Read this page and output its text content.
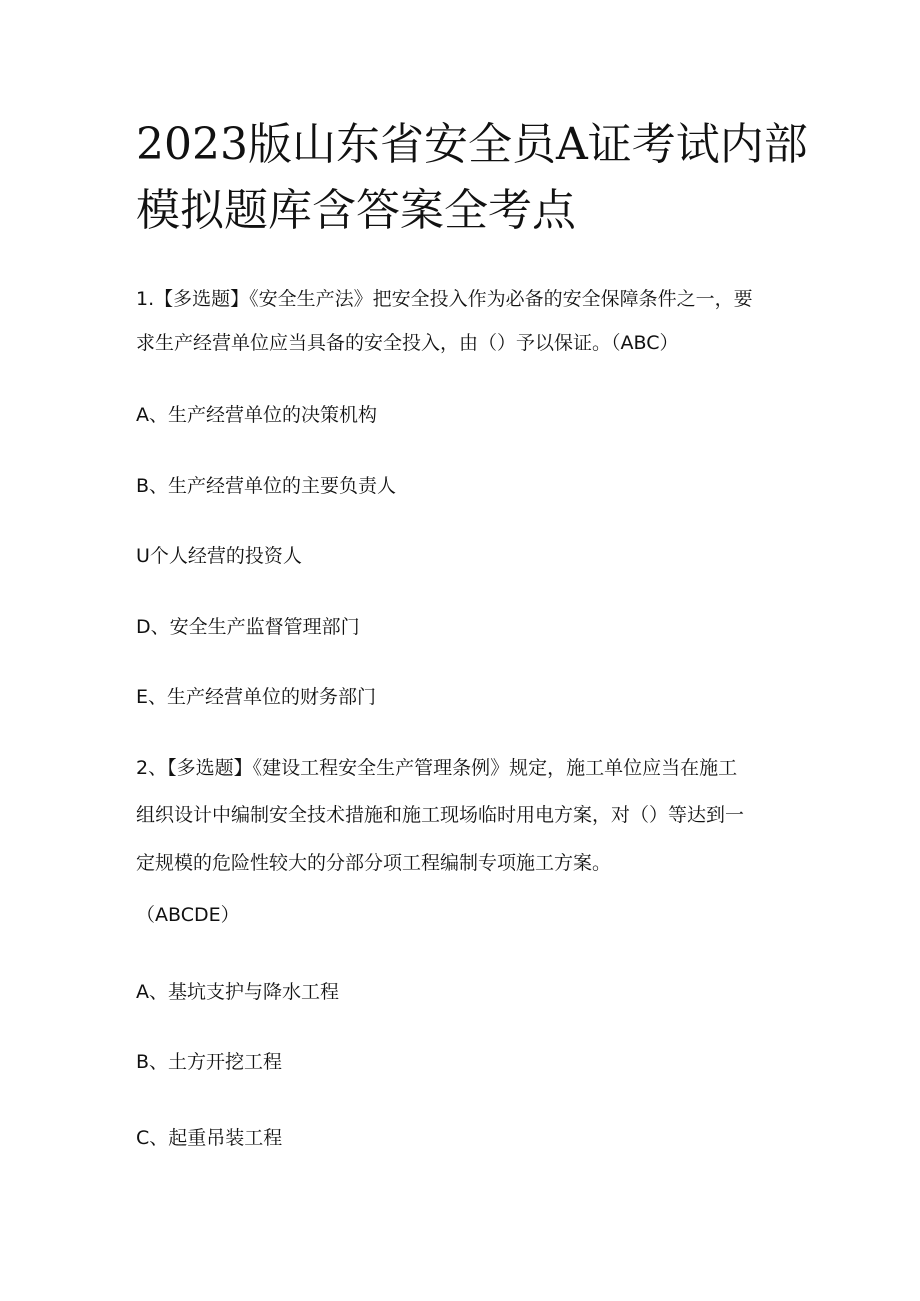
2023版山东省安全员A证考试内部
模拟题库含答案全考点

1.【多选题】《安全生产法》把安全投入作为必备的安全保障条件之一，要

求生产经营单位应当具备的安全投入，由（）予以保证。（ABC）

A、生产经营单位的决策机构

B、生产经营单位的主要负责人

U个人经营的投资人

D、安全生产监督管理部门

E、生产经营单位的财务部门

2、【多选题】《建设工程安全生产管理条例》规定，施工单位应当在施工

组织设计中编制安全技术措施和施工现场临时用电方案，对（）等达到一

定规模的危险性较大的分部分项工程编制专项施工方案。

（ABCDE）

A、基坑支护与降水工程

B、土方开挖工程

C、起重吊装工程
